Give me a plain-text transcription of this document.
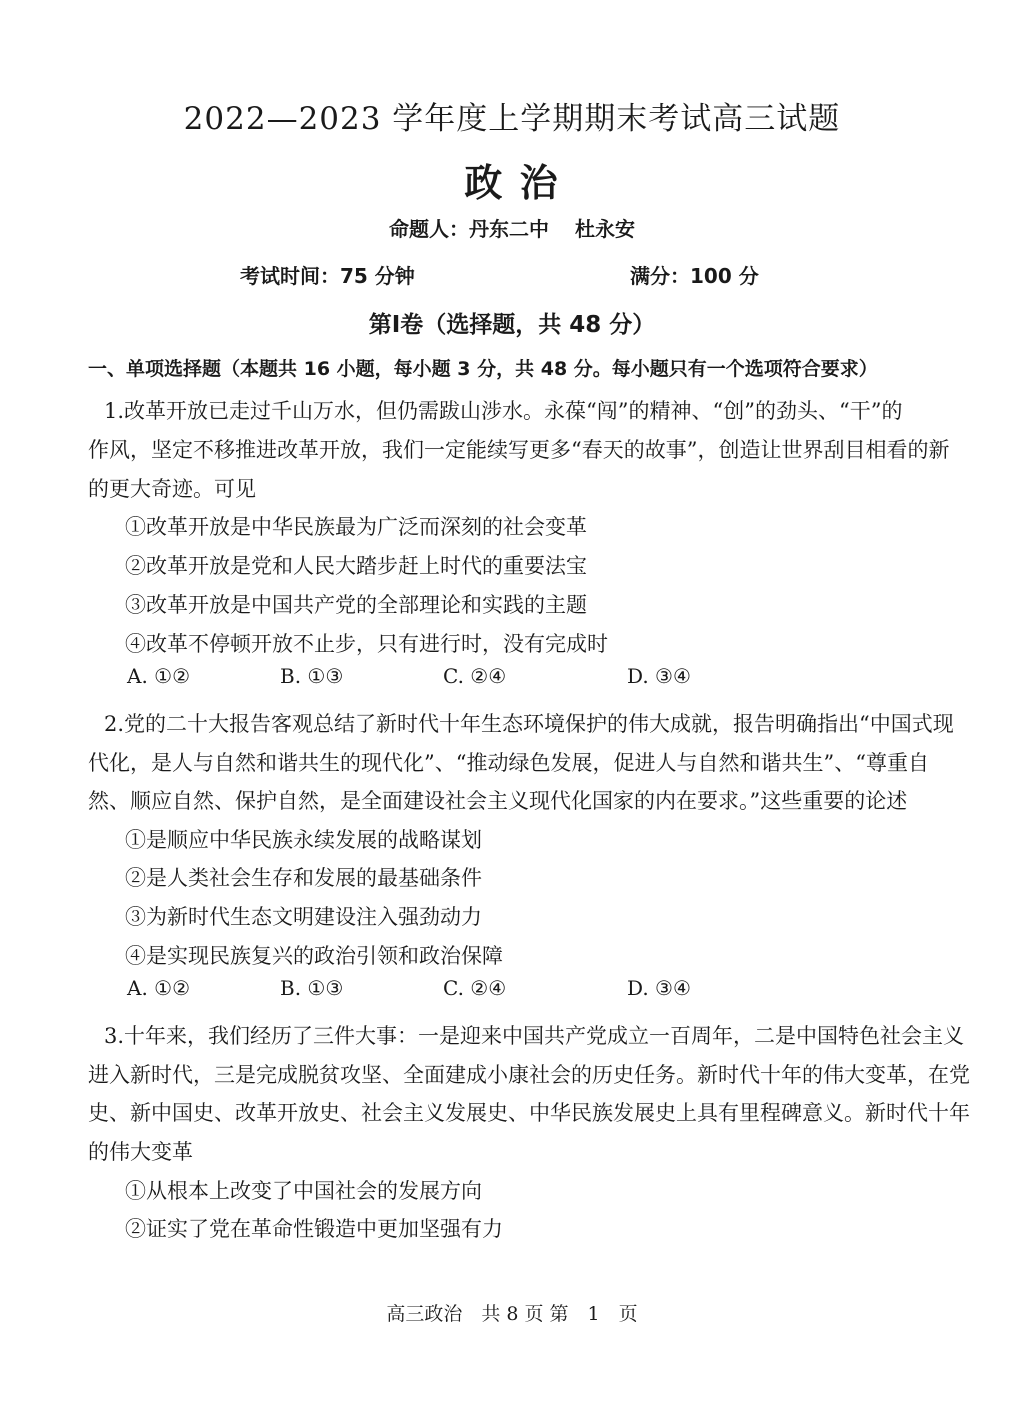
2022—2023 学年度上学期期末考试高三试题
政 治
命题人：丹东二中 杜永安
考试时间：75 分钟	满分：100 分
第Ⅰ卷（选择题，共 48 分）
一、单项选择题（本题共 16 小题，每小题 3 分，共 48 分。每小题只有一个选项符合要求）
1.改革开放已走过千山万水，但仍需跋山涉水。永葆“闯”的精神、“创”的劲头、“干”的
作风，坚定不移推进改革开放，我们一定能续写更多“春天的故事”，创造让世界刮目相看的新
的更大奇迹。可见
①改革开放是中华民族最为广泛而深刻的社会变革
②改革开放是党和人民大踏步赶上时代的重要法宝
③改革开放是中国共产党的全部理论和实践的主题
④改革不停顿开放不止步，只有进行时，没有完成时
A. ①②	B. ①③	C. ②④	D. ③④
2.党的二十大报告客观总结了新时代十年生态环境保护的伟大成就，报告明确指出“中国式现
代化，是人与自然和谐共生的现代化”、“推动绿色发展，促进人与自然和谐共生”、“尊重自
然、顺应自然、保护自然，是全面建设社会主义现代化国家的内在要求。”这些重要的论述
①是顺应中华民族永续发展的战略谋划
②是人类社会生存和发展的最基础条件
③为新时代生态文明建设注入强劲动力
④是实现民族复兴的政治引领和政治保障
A. ①②	B. ①③	C. ②④	D. ③④
3.十年来，我们经历了三件大事：一是迎来中国共产党成立一百周年，二是中国特色社会主义
进入新时代，三是完成脱贫攻坚、全面建成小康社会的历史任务。新时代十年的伟大变革，在党
史、新中国史、改革开放史、社会主义发展史、中华民族发展史上具有里程碑意义。新时代十年
的伟大变革
①从根本上改变了中国社会的发展方向
②证实了党在革命性锻造中更加坚强有力
高三政治　共 8 页 第　1　页
